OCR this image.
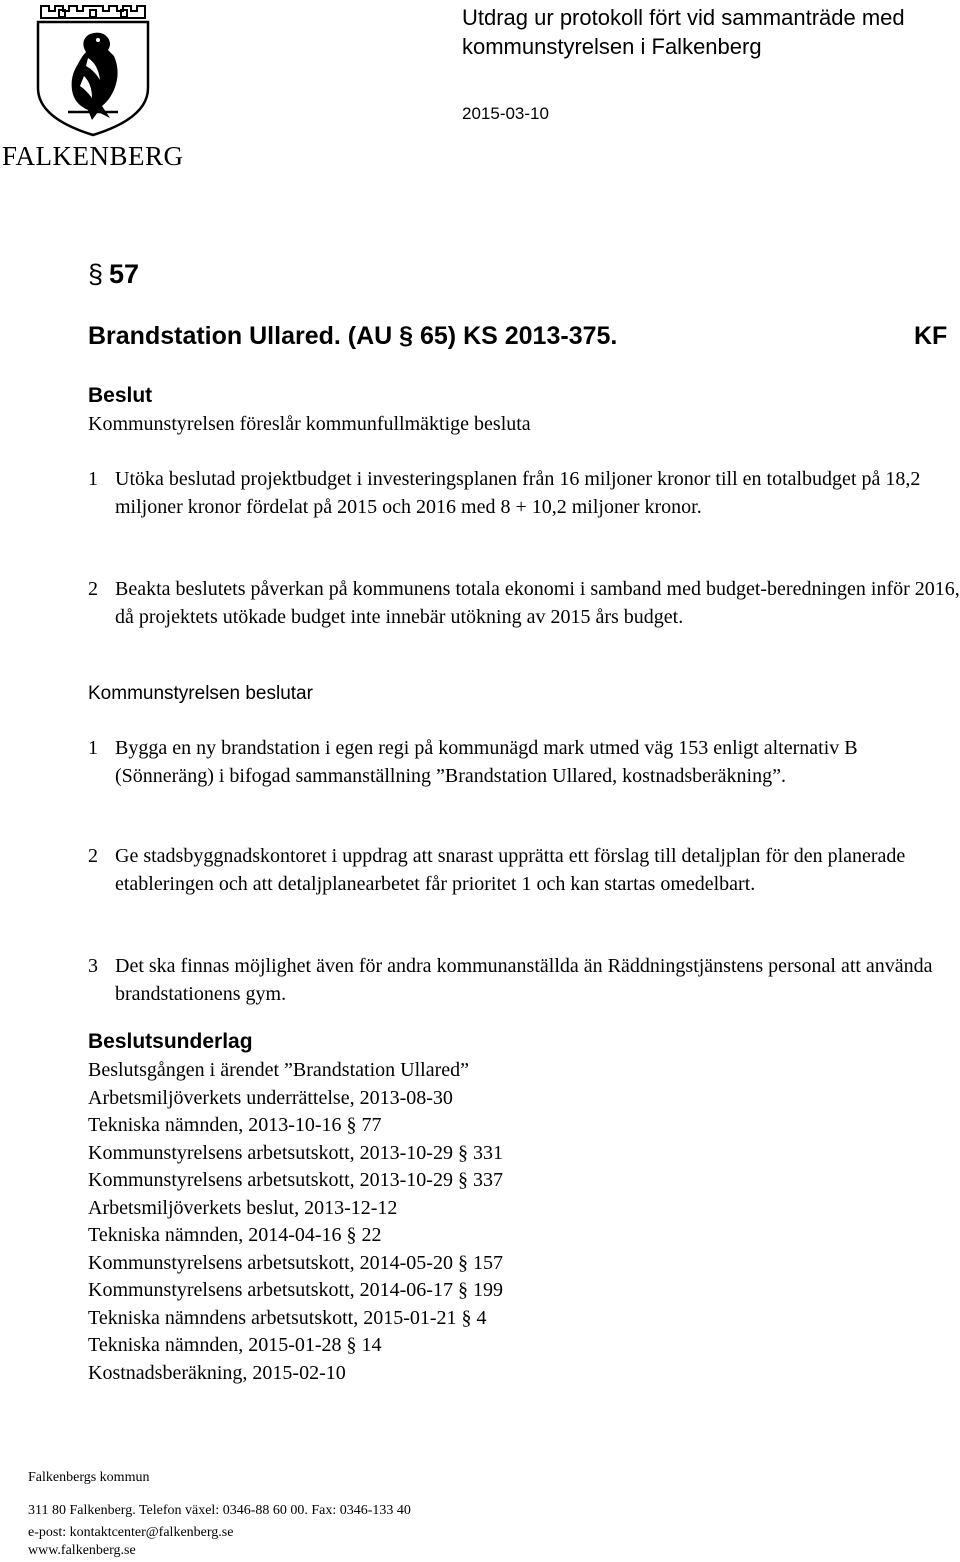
FALKENBERG
Utdrag ur protokoll fört vid sammanträde med
kommunstyrelsen i Falkenberg
2015-03-10
§ 57
Brandstation Ullared. (AU § 65) KS 2013-375.	KF
Beslut
Kommunstyrelsen föreslår kommunfullmäktige besluta
1 Utöka beslutad projektbudget i investeringsplanen från 16 miljoner kronor till en totalbudget på 18,2 miljoner kronor fördelat på 2015 och 2016 med 8 + 10,2 miljoner kronor.
2 Beakta beslutets påverkan på kommunens totala ekonomi i samband med budget-beredningen inför 2016, då projektets utökade budget inte innebär utökning av 2015 års budget.
Kommunstyrelsen beslutar
1 Bygga en ny brandstation i egen regi på kommunägd mark utmed väg 153 enligt alternativ B (Sönneräng) i bifogad sammanställning ”Brandstation Ullared, kostnadsberäkning”.
2 Ge stadsbyggnadskontoret i uppdrag att snarast upprätta ett förslag till detaljplan för den planerade etableringen och att detaljplanearbetet får prioritet 1 och kan startas omedelbart.
3 Det ska finnas möjlighet även för andra kommunanställda än Räddningstjänstens personal att använda brandstationens gym.
Beslutsunderlag
Beslutsgången i ärendet ”Brandstation Ullared”
Arbetsmiljöverkets underrättelse, 2013-08-30
Tekniska nämnden, 2013-10-16 § 77
Kommunstyrelsens arbetsutskott, 2013-10-29 § 331
Kommunstyrelsens arbetsutskott, 2013-10-29 § 337
Arbetsmiljöverkets beslut, 2013-12-12
Tekniska nämnden, 2014-04-16 § 22
Kommunstyrelsens arbetsutskott, 2014-05-20 § 157
Kommunstyrelsens arbetsutskott, 2014-06-17 § 199
Tekniska nämndens arbetsutskott, 2015-01-21 § 4
Tekniska nämnden, 2015-01-28 § 14
Kostnadsberäkning, 2015-02-10
Falkenbergs kommun
311 80 Falkenberg. Telefon växel: 0346-88 60 00. Fax: 0346-133 40
e-post: kontaktcenter@falkenberg.se
www.falkenberg.se
